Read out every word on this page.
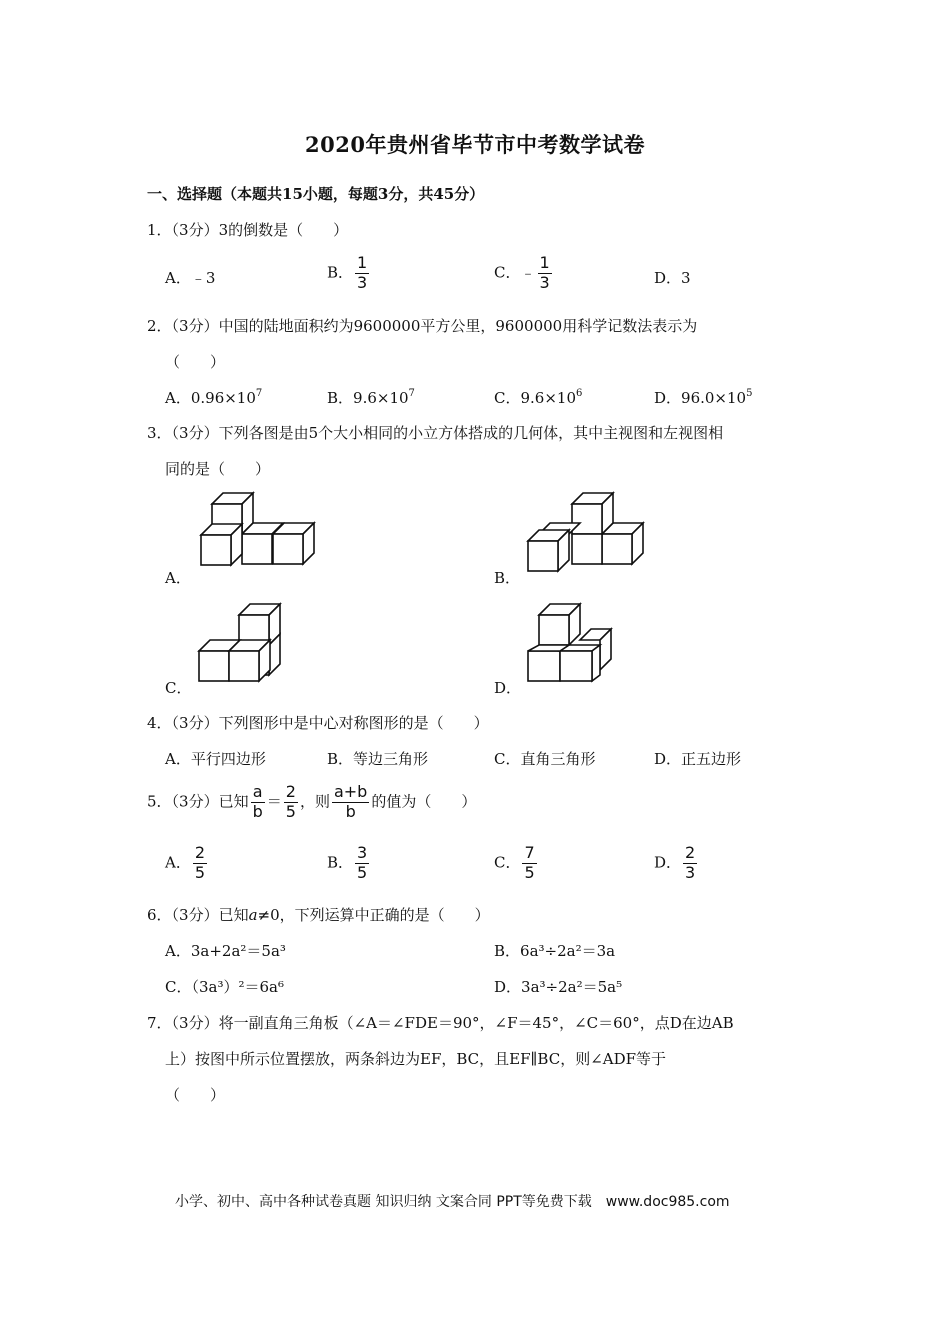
2020年贵州省毕节市中考数学试卷
一、选择题（本题共15小题，每题3分，共45分）
1．（3分）3的倒数是（　　）
A．﹣3	B． $\frac{1}{3}$	C．﹣ $\frac{1}{3}$	D．3
2．（3分）中国的陆地面积约为9600000平方公里，9600000用科学记数法表示为
（　　）
A．$0.96\times 10^7$	B．$9.6\times 10^7$	C．$9.6\times 10^6$	D．$96.0\times 10^5$
3．（3分）下列各图是由5个大小相同的小立方体搭成的几何体，其中主视图和左视图相
同的是（　　）
A．	B．
C．	D．
4．（3分）下列图形中是中心对称图形的是（　　）
A．平行四边形	B．等边三角形	C．直角三角形	D．正五边形
5．（3分）已知 $\frac{a}{b} = \frac{2}{5}$ ，则 $\frac{a+b}{b}$ 的值为（　　）
A． $\frac{2}{5}$	B． $\frac{3}{5}$	C． $\frac{7}{5}$	D． $\frac{2}{3}$
6．（3分）已知a≠0，下列运算中正确的是（　　）
A．3a+2a²＝5a³	B．6a³÷2a²＝3a
C．（3a³）²＝6a⁶	D．3a³÷2a²＝5a⁵
7．（3分）将一副直角三角板（∠A＝∠FDE＝90°，∠F＝45°，∠C＝60°，点D在边AB
上）按图中所示位置摆放，两条斜边为EF，BC，且EF∥BC，则∠ADF等于
（　　）
小学、初中、高中各种试卷真题 知识归纳 文案合同 PPT等免费下载　www.doc985.com
